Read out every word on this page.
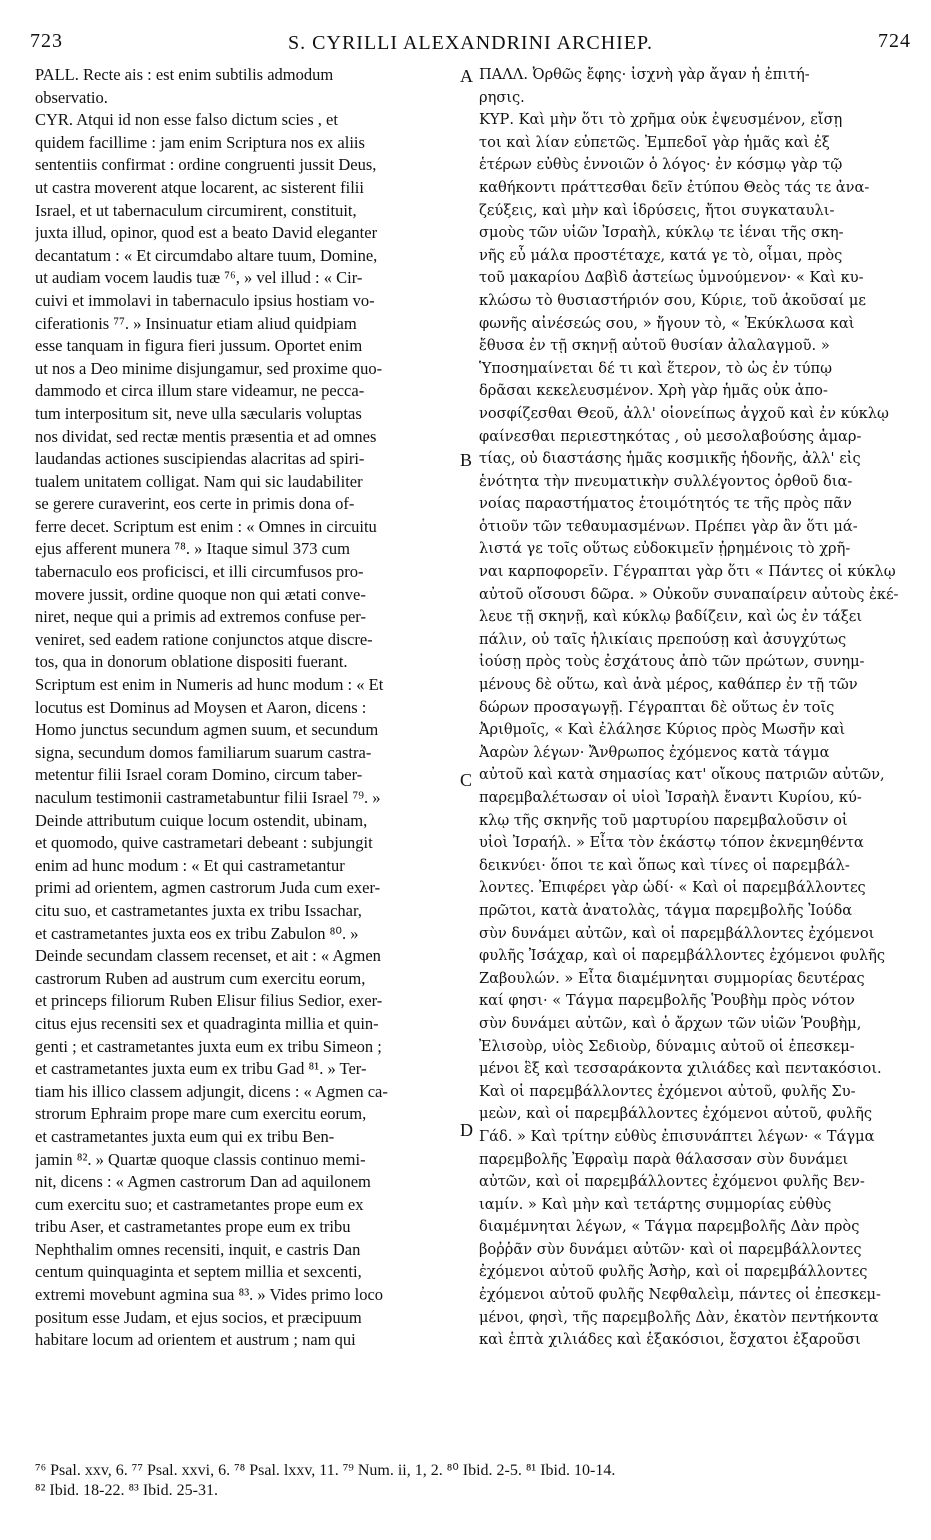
723	S. CYRILLI ALEXANDRINI ARCHIEP.	724
PALL. Recte ais : est enim subtilis admodum
observatio.
CYR. Atqui id non esse falso dictum scies , et
quidem facillime : jam enim Scriptura nos ex aliis
sententiis confirmat : ordine congruenti jussit Deus,
ut castra moverent atque locarent, ac sisterent filii
Israel, et ut tabernaculum circumirent, constituit,
juxta illud, opinor, quod est a beato David eleganter
decantatum : « Et circumdabo altare tuum, Domine,
ut audiam vocem laudis tuæ ⁷⁶, » vel illud : « Cir-
cuivi et immolavi in tabernaculo ipsius hostiam vo-
ciferationis ⁷⁷. » Insinuatur etiam aliud quidpiam
esse tanquam in figura fieri jussum. Oportet enim
ut nos a Deo minime disjungamur, sed proxime quo-
dammodo et circa illum stare videamur, ne pecca-
tum interpositum sit, neve ulla sæcularis voluptas
nos dividat, sed rectæ mentis præsentia et ad omnes
laudandas actiones suscipiendas alacritas ad spiri-
tualem unitatem colligat. Nam qui sic laudabiliter
se gerere curaverint, eos certe in primis dona of-
ferre decet. Scriptum est enim : « Omnes in circuitu
ejus afferent munera ⁷⁸. » Itaque simul 373 cum
tabernaculo eos proficisci, et illi circumfusos pro-
movere jussit, ordine quoque non qui ætati conve-
niret, neque qui a primis ad extremos confuse per-
veniret, sed eadem ratione conjunctos atque discre-
tos, qua in donorum oblatione dispositi fuerant.
Scriptum est enim in Numeris ad hunc modum : « Et
locutus est Dominus ad Moysen et Aaron, dicens :
Homo junctus secundum agmen suum, et secundum
signa, secundum domos familiarum suarum castra-
metentur filii Israel coram Domino, circum taber-
naculum testimonii castrametabuntur filii Israel ⁷⁹. »
Deinde attributum cuique locum ostendit, ubinam,
et quomodo, quive castrametari debeant : subjungit
enim ad hunc modum : « Et qui castrametantur
primi ad orientem, agmen castrorum Juda cum exer-
citu suo, et castrametantes juxta ex tribu Issachar,
et castrametantes juxta eos ex tribu Zabulon ⁸⁰. »
Deinde secundam classem recenset, et ait : « Agmen
castrorum Ruben ad austrum cum exercitu eorum,
et princeps filiorum Ruben Elisur filius Sedior, exer-
citus ejus recensiti sex et quadraginta millia et quin-
genti ; et castrametantes juxta eum ex tribu Simeon ;
et castrametantes juxta eum ex tribu Gad ⁸¹. » Ter-
tiam his illico classem adjungit, dicens : « Agmen ca-
strorum Ephraim prope mare cum exercitu eorum,
et castrametantes juxta eum qui ex tribu Ben-
jamin ⁸². » Quartæ quoque classis continuo memi-
nit, dicens : « Agmen castrorum Dan ad aquilonem
cum exercitu suo; et castrametantes prope eum ex
tribu Aser, et castrametantes prope eum ex tribu
Nephthalim omnes recensiti, inquit, e castris Dan
centum quinquaginta et septem millia et sexcenti,
extremi movebunt agmina sua ⁸³. » Vides primo loco
positum esse Judam, et ejus socios, et præcipuum
habitare locum ad orientem et austrum ; nam qui
ΠΑΛΛ. Ὀρθῶς ἔφης· ἰσχνὴ γὰρ ἄγαν ἡ ἐπιτή-
ρησις.
ΚΥΡ. Καὶ μὴν ὅτι τὸ χρῆμα οὐκ ἐψευσμένον, εἴσῃ
τοι καὶ λίαν εὐπετῶς. Ἐμπεδοῖ γὰρ ἡμᾶς καὶ ἐξ
ἑτέρων εὐθὺς ἐννοιῶν ὁ λόγος· ἐν κόσμῳ γὰρ τῷ
καθήκοντι πράττεσθαι δεῖν ἐτύπου Θεὸς τάς τε ἀνα-
ζεύξεις, καὶ μὴν καὶ ἱδρύσεις, ἤτοι συγκαταυλι-
σμοὺς τῶν υἱῶν Ἰσραὴλ, κύκλῳ τε ἰέναι τῆς σκη-
νῆς εὖ μάλα προστέταχε, κατά γε τὸ, οἶμαι, πρὸς
τοῦ μακαρίου Δαβὶδ ἀστείως ὑμνούμενον· « Καὶ κυ-
κλώσω τὸ θυσιαστήριόν σου, Κύριε, τοῦ ἀκοῦσαί με
φωνῆς αἰνέσεώς σου, » ἤγουν τὸ, « Ἐκύκλωσα καὶ
ἔθυσα ἐν τῇ σκηνῇ αὐτοῦ θυσίαν ἀλαλαγμοῦ. »
Ὑποσημαίνεται δέ τι καὶ ἕτερον, τὸ ὡς ἐν τύπῳ
δρᾶσαι κεκελευσμένον. Χρὴ γὰρ ἡμᾶς οὐκ ἀπο-
νοσφίζεσθαι Θεοῦ, ἀλλ' οἱονείπως ἀγχοῦ καὶ ἐν κύκλῳ
φαίνεσθαι περιεστηκότας , οὐ μεσολαβούσης ἁμαρ-
τίας, οὐ διαστάσης ἡμᾶς κοσμικῆς ἡδονῆς, ἀλλ' εἰς
ἑνότητα τὴν πνευματικὴν συλλέγοντος ὀρθοῦ δια-
νοίας παραστήματος ἑτοιμότητός τε τῆς πρὸς πᾶν
ὁτιοῦν τῶν τεθαυμασμένων. Πρέπει γὰρ ἂν ὅτι μά-
λιστά γε τοῖς οὕτως εὐδοκιμεῖν ᾑρημένοις τὸ χρῆ-
ναι καρποφορεῖν. Γέγραπται γὰρ ὅτι « Πάντες οἱ κύκλῳ
αὐτοῦ οἴσουσι δῶρα. » Οὐκοῦν συναπαίρειν αὐτοὺς ἐκέ-
λευε τῇ σκηνῇ, καὶ κύκλῳ βαδίζειν, καὶ ὡς ἐν τάξει
πάλιν, οὐ ταῖς ἡλικίαις πρεπούσῃ καὶ ἀσυγχύτως
ἰούσῃ πρὸς τοὺς ἐσχάτους ἀπὸ τῶν πρώτων, συνημ-
μένους δὲ οὕτω, καὶ ἀνὰ μέρος, καθάπερ ἐν τῇ τῶν
δώρων προσαγωγῇ. Γέγραπται δὲ οὕτως ἐν τοῖς
Ἀριθμοῖς, « Καὶ ἐλάλησε Κύριος πρὸς Μωσῆν καὶ
Ἀαρὼν λέγων· Ἄνθρωπος ἐχόμενος κατὰ τάγμα
αὐτοῦ καὶ κατὰ σημασίας κατ' οἴκους πατριῶν αὐτῶν,
παρεμβαλέτωσαν οἱ υἱοὶ Ἰσραὴλ ἔναντι Κυρίου, κύ-
κλῳ τῆς σκηνῆς τοῦ μαρτυρίου παρεμβαλοῦσιν οἱ
υἱοὶ Ἰσραήλ. » Εἶτα τὸν ἑκάστῳ τόπον ἐκνεμηθέντα
δεικνύει· ὅποι τε καὶ ὅπως καὶ τίνες οἱ παρεμβάλ-
λοντες. Ἐπιφέρει γὰρ ὡδί· « Καὶ οἱ παρεμβάλλοντες
πρῶτοι, κατὰ ἀνατολὰς, τάγμα παρεμβολῆς Ἰούδα
σὺν δυνάμει αὐτῶν, καὶ οἱ παρεμβάλλοντες ἐχόμενοι
φυλῆς Ἰσάχαρ, καὶ οἱ παρεμβάλλοντες ἐχόμενοι φυλῆς
Ζαβουλών. » Εἶτα διαμέμνηται συμμορίας δευτέρας
καί φησι· « Τάγμα παρεμβολῆς Ῥουβὴμ πρὸς νότον
σὺν δυνάμει αὐτῶν, καὶ ὁ ἄρχων τῶν υἱῶν Ῥουβὴμ,
Ἐλισοὺρ, υἱὸς Σεδιοὺρ, δύναμις αὐτοῦ οἱ ἐπεσκεμ-
μένοι ἓξ καὶ τεσσαράκοντα χιλιάδες καὶ πεντακόσιοι.
Καὶ οἱ παρεμβάλλοντες ἐχόμενοι αὐτοῦ, φυλῆς Συ-
μεὼν, καὶ οἱ παρεμβάλλοντες ἐχόμενοι αὐτοῦ, φυλῆς
Γάδ. » Καὶ τρίτην εὐθὺς ἐπισυνάπτει λέγων· « Τάγμα
παρεμβολῆς Ἐφραὶμ παρὰ θάλασσαν σὺν δυνάμει
αὐτῶν, καὶ οἱ παρεμβάλλοντες ἐχόμενοι φυλῆς Βεν-
ιαμίν. » Καὶ μὴν καὶ τετάρτης συμμορίας εὐθὺς
διαμέμνηται λέγων, « Τάγμα παρεμβολῆς Δὰν πρὸς
βοῤῥᾶν σὺν δυνάμει αὐτῶν· καὶ οἱ παρεμβάλλοντες
ἐχόμενοι αὐτοῦ φυλῆς Ἀσὴρ, καὶ οἱ παρεμβάλλοντες
ἐχόμενοι αὐτοῦ φυλῆς Νεφθαλεὶμ, πάντες οἱ ἐπεσκεμ-
μένοι, φησὶ, τῆς παρεμβολῆς Δὰν, ἑκατὸν πεντήκοντα
καὶ ἑπτὰ χιλιάδες καὶ ἑξακόσιοι, ἔσχατοι ἐξαροῦσι
A
B
C
D
⁷⁶ Psal. xxv, 6. ⁷⁷ Psal. xxvi, 6. ⁷⁸ Psal. lxxv, 11. ⁷⁹ Num. ii, 1, 2. ⁸⁰ Ibid. 2-5. ⁸¹ Ibid. 10-14.
⁸² Ibid. 18-22. ⁸³ Ibid. 25-31.
